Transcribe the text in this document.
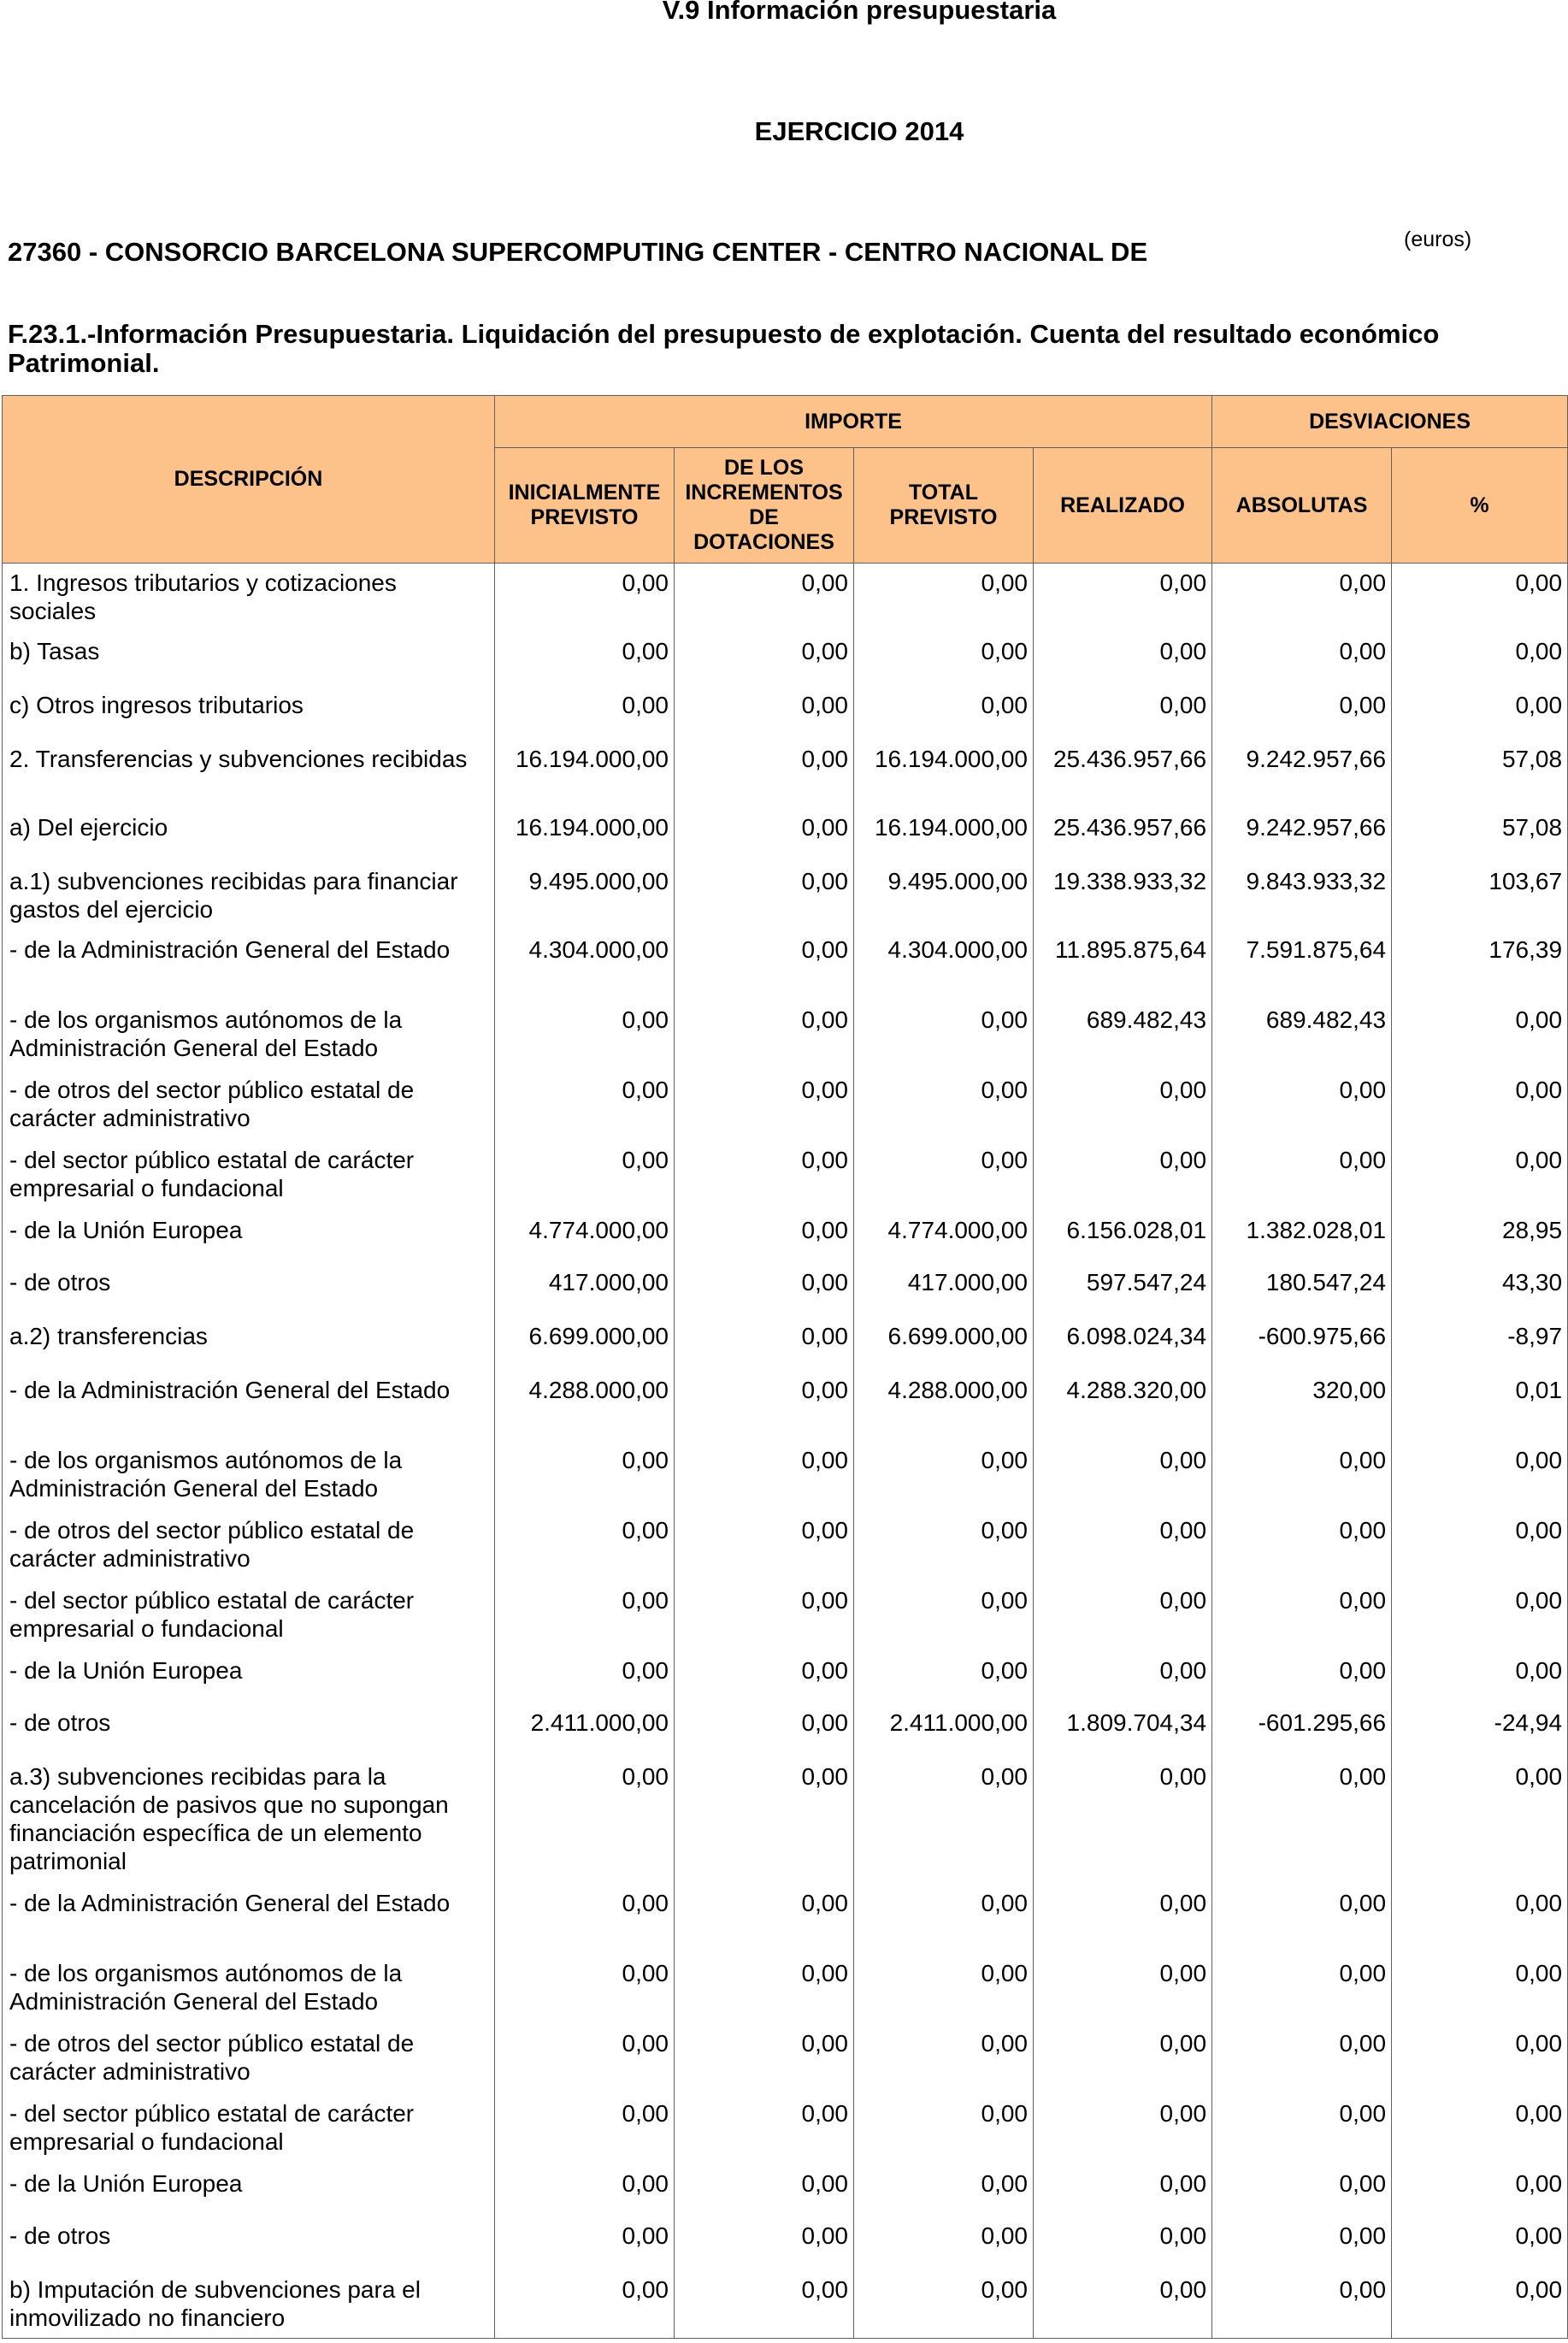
V.9 Información presupuestaria
EJERCICIO 2014
27360 - CONSORCIO BARCELONA SUPERCOMPUTING CENTER - CENTRO NACIONAL DE	(euros)
F.23.1.-Información Presupuestaria. Liquidación del presupuesto de explotación. Cuenta del resultado económico Patrimonial.
DESCRIPCIÓN	IMPORTE				DESVIACIONES	
	INICIALMENTE PREVISTO	DE LOS INCREMENTOS DE DOTACIONES	TOTAL PREVISTO	REALIZADO	ABSOLUTAS	%
1. Ingresos tributarios y cotizaciones sociales	0,00	0,00	0,00	0,00	0,00	0,00
b) Tasas	0,00	0,00	0,00	0,00	0,00	0,00
c) Otros ingresos tributarios	0,00	0,00	0,00	0,00	0,00	0,00
2. Transferencias y subvenciones recibidas	16.194.000,00	0,00	16.194.000,00	25.436.957,66	9.242.957,66	57,08
a) Del ejercicio	16.194.000,00	0,00	16.194.000,00	25.436.957,66	9.242.957,66	57,08
a.1) subvenciones recibidas para financiar gastos del ejercicio	9.495.000,00	0,00	9.495.000,00	19.338.933,32	9.843.933,32	103,67
- de la Administración General del Estado	4.304.000,00	0,00	4.304.000,00	11.895.875,64	7.591.875,64	176,39
- de los organismos autónomos de la Administración General del Estado	0,00	0,00	0,00	689.482,43	689.482,43	0,00
- de otros del sector público estatal de carácter administrativo	0,00	0,00	0,00	0,00	0,00	0,00
- del sector público estatal de carácter empresarial o fundacional	0,00	0,00	0,00	0,00	0,00	0,00
- de la Unión Europea	4.774.000,00	0,00	4.774.000,00	6.156.028,01	1.382.028,01	28,95
- de otros	417.000,00	0,00	417.000,00	597.547,24	180.547,24	43,30
a.2) transferencias	6.699.000,00	0,00	6.699.000,00	6.098.024,34	-600.975,66	-8,97
- de la Administración General del Estado	4.288.000,00	0,00	4.288.000,00	4.288.320,00	320,00	0,01
- de los organismos autónomos de la Administración General del Estado	0,00	0,00	0,00	0,00	0,00	0,00
- de otros del sector público estatal de carácter administrativo	0,00	0,00	0,00	0,00	0,00	0,00
- del sector público estatal de carácter empresarial o fundacional	0,00	0,00	0,00	0,00	0,00	0,00
- de la Unión Europea	0,00	0,00	0,00	0,00	0,00	0,00
- de otros	2.411.000,00	0,00	2.411.000,00	1.809.704,34	-601.295,66	-24,94
a.3) subvenciones recibidas para la cancelación de pasivos que no supongan financiación específica de un elemento patrimonial	0,00	0,00	0,00	0,00	0,00	0,00
- de la Administración General del Estado	0,00	0,00	0,00	0,00	0,00	0,00
- de los organismos autónomos de la Administración General del Estado	0,00	0,00	0,00	0,00	0,00	0,00
- de otros del sector público estatal de carácter administrativo	0,00	0,00	0,00	0,00	0,00	0,00
- del sector público estatal de carácter empresarial o fundacional	0,00	0,00	0,00	0,00	0,00	0,00
- de la Unión Europea	0,00	0,00	0,00	0,00	0,00	0,00
- de otros	0,00	0,00	0,00	0,00	0,00	0,00
b) Imputación de subvenciones para el inmovilizado no financiero	0,00	0,00	0,00	0,00	0,00	0,00
